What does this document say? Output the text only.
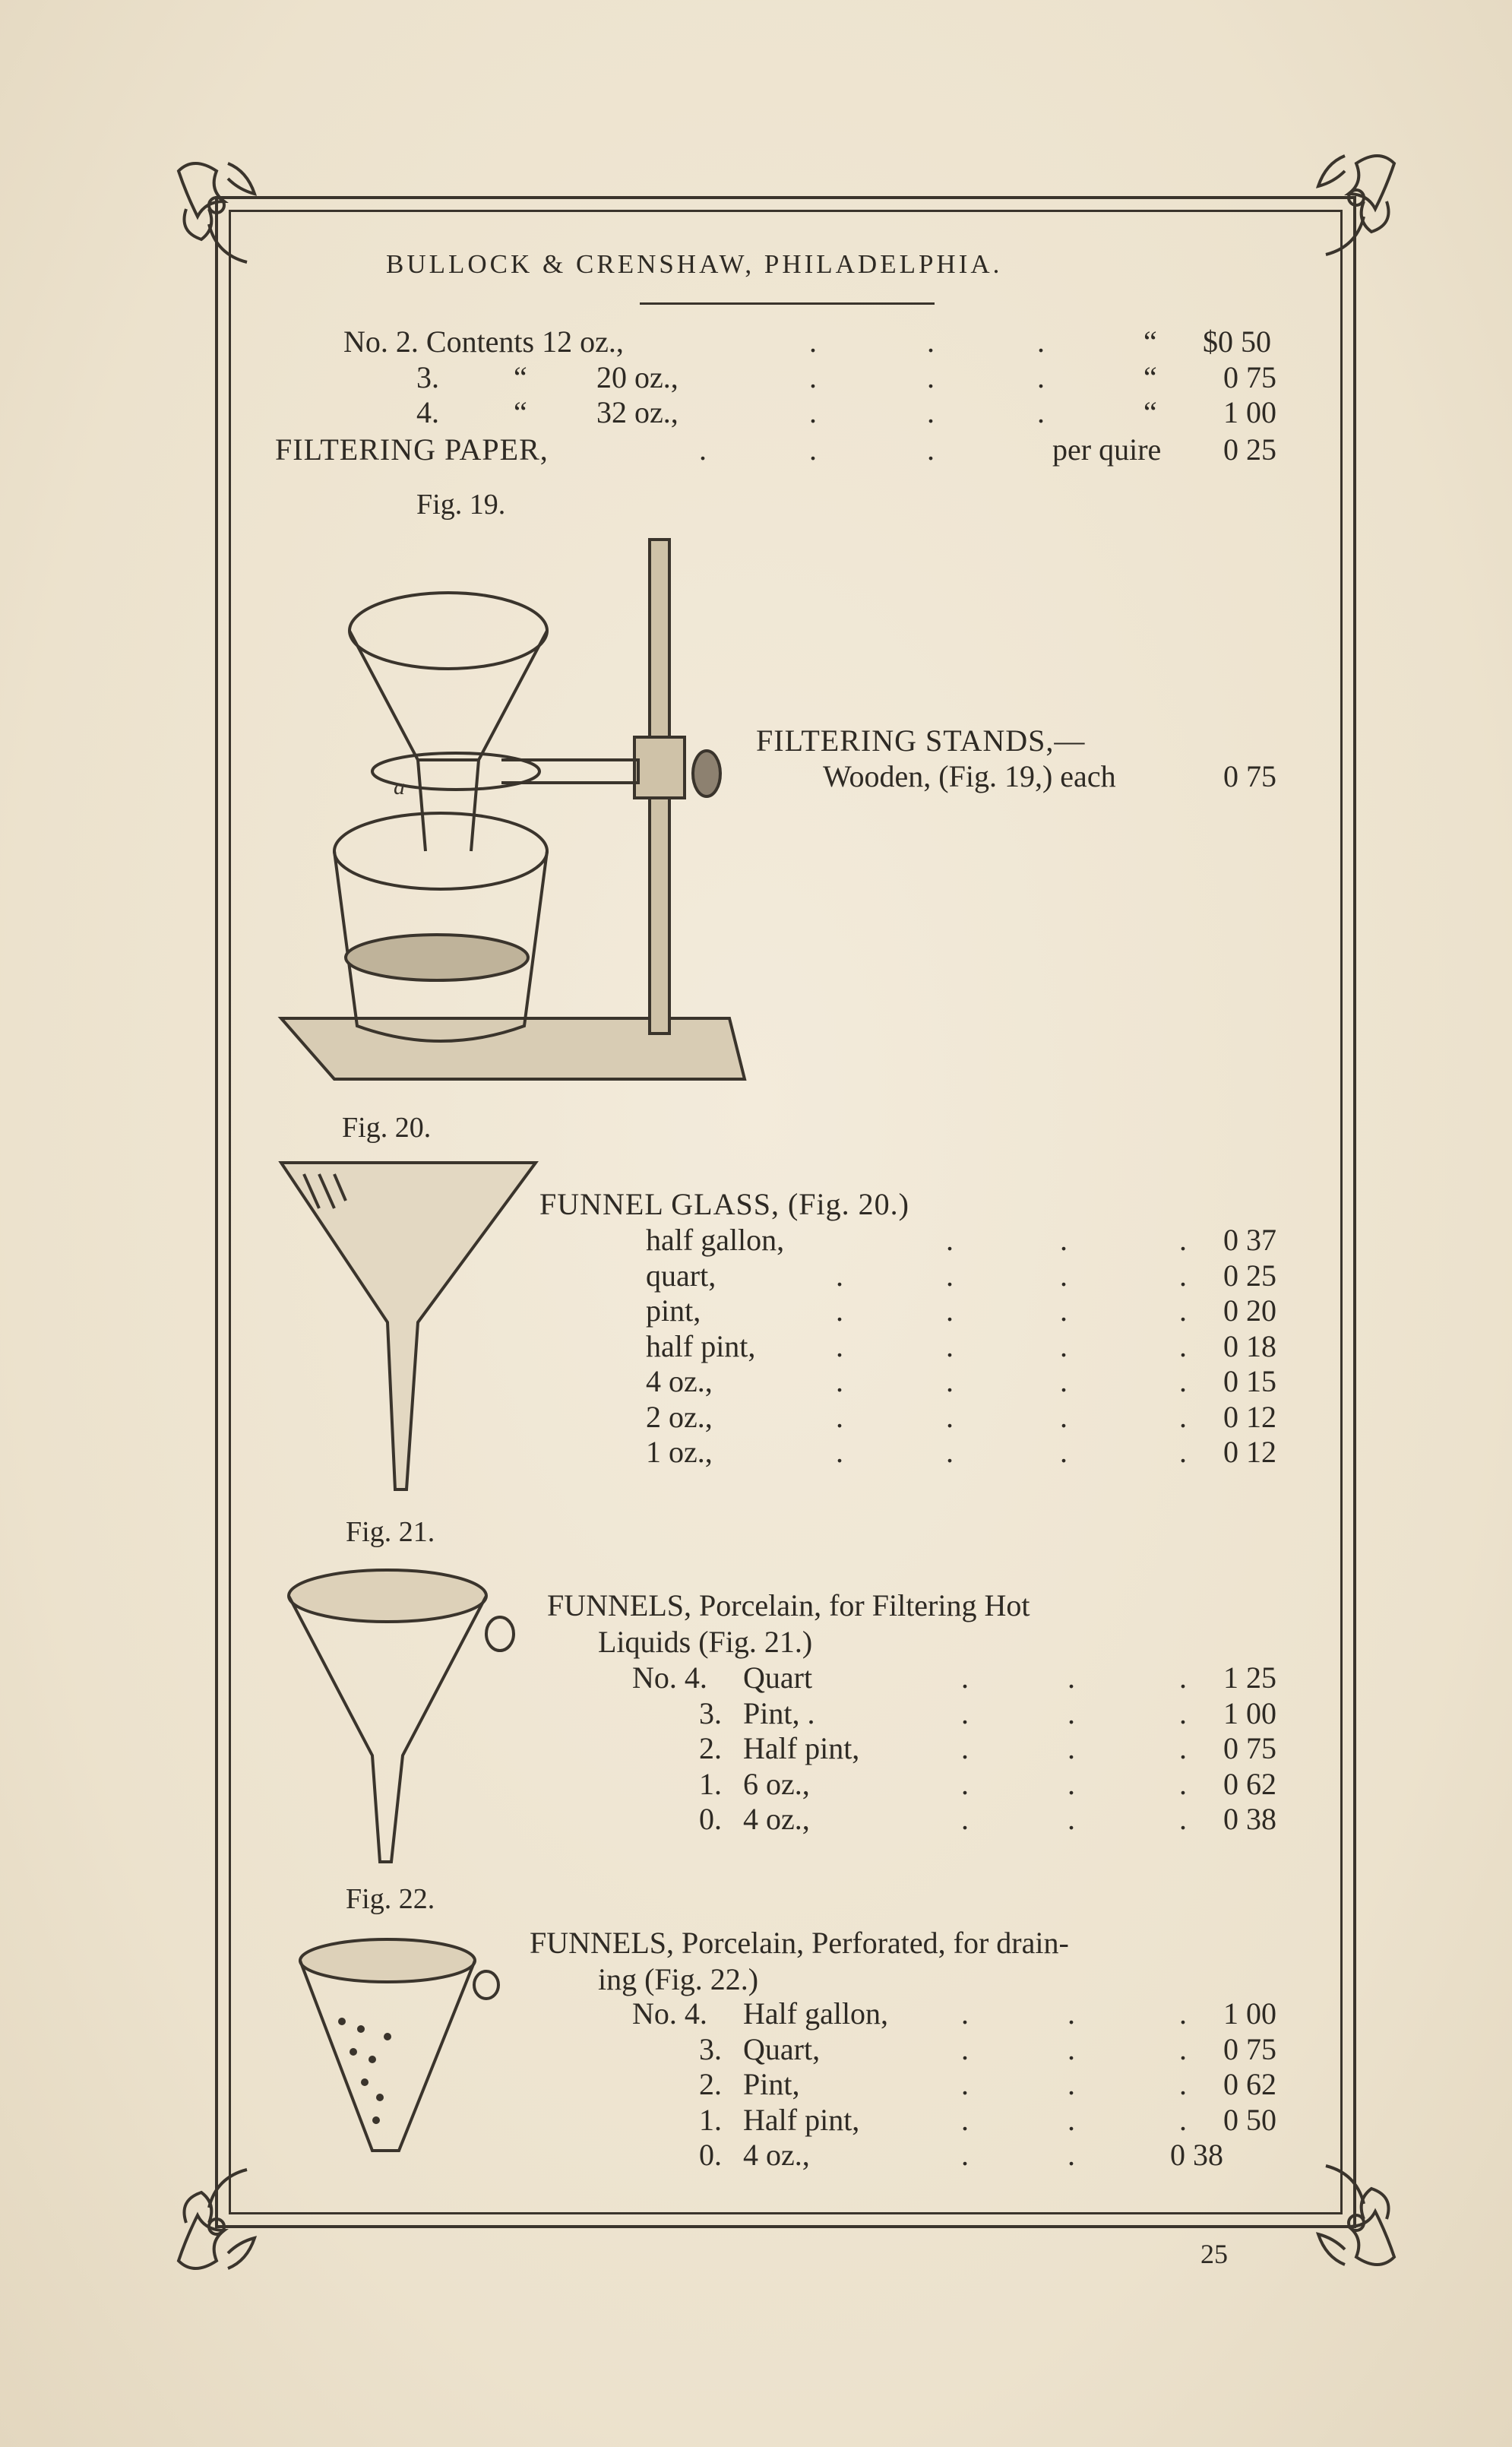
BULLOCK & CRENSHAW, PHILADELPHIA.
No. 2. Contents 12 oz.,	“ $0 50
3. “ 20 oz.,	“ 0 75
4. “ 32 oz.,	“ 1 00
FILTERING PAPER,	per quire 0 25
.	.	.
.	.	.
.	.	.
.	.	.
Fig. 19.
a
FILTERING STANDS,—
Wooden, (Fig. 19,) each	0 75
Fig. 20.
FUNNEL GLASS, (Fig. 20.)
Fig. 21.
FUNNELS, Porcelain, for Filtering Hot
Liquids (Fig. 21.)
Fig. 22.
FUNNELS, Porcelain, Perforated, for drain-
ing (Fig. 22.)
25
half gallon,	0 37
.	.	.
quart,	0 25
.	.	.	.
pint,	0 20
.	.	.	.
half pint,	0 18
.	.	.	.
4 oz.,	0 15
.	.	.	.
2 oz.,	0 12
.	.	.	.
1 oz.,	0 12
.	.	.	.
No. 4. Quart	1 25
.	.	.
3. Pint, .	1 00
.	.	.
2. Half pint,	0 75
.	.	.
1. 6 oz.,	0 62
.	.	.
0. 4 oz.,	0 38
.	.	.
No. 4. Half gallon,	1 00
.	.	.
3. Quart,	0 75
.	.	.
2. Pint,	0 62
.	.	.
1. Half pint,	0 50
.	.	.
0. 4 oz.,	0 38
.	.
